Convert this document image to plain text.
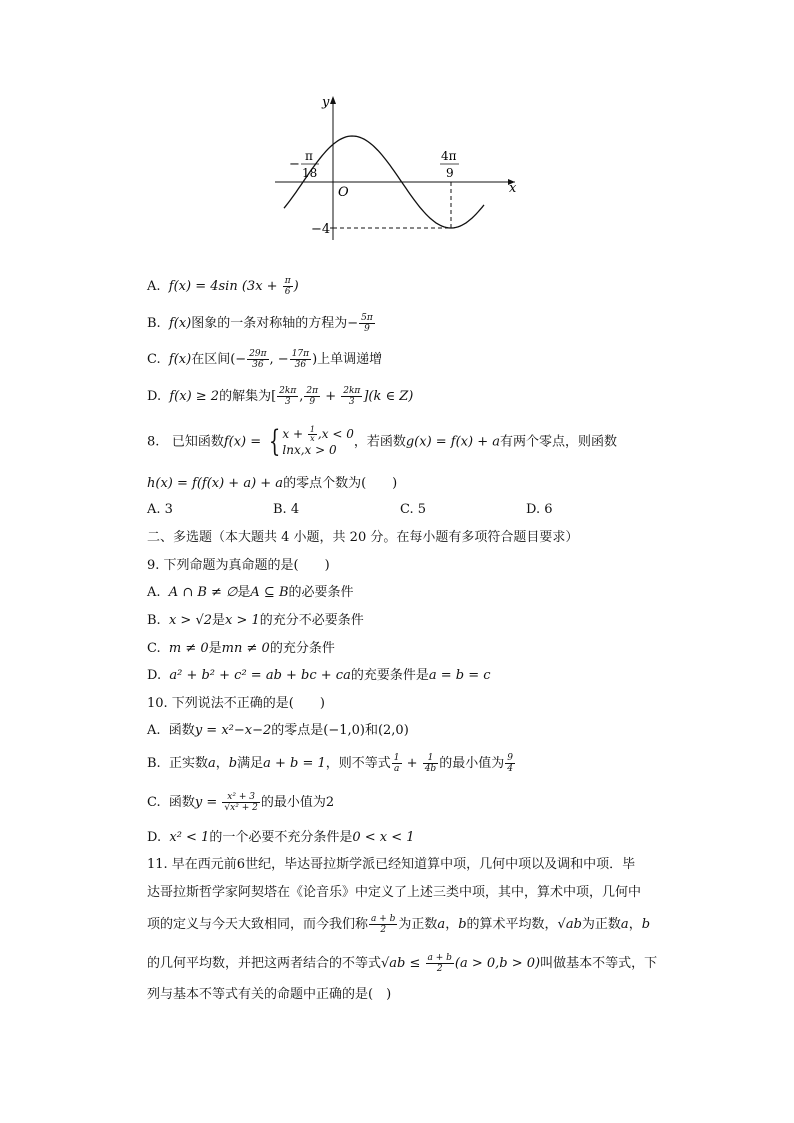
y
x
O
−
π
18
4π
9
−4
A. f(x) = 4sin ($3x + \frac{\pi}{6}$ )
B. f(x)图象的一条对称轴的方程为− $\frac{5\pi}{9}$
C. f(x)在区间(− $\frac{29\pi}{36}$ , − $\frac{17\pi}{36}$ )上单调递增
D. f(x) ≥ 2的解集为[ $\frac{2k\pi}{3}$ , $\frac{2\pi}{9} + \frac{2k\pi}{3} ](k$ ∈ Z)
8. 已知函数f(x) = { $x + \frac{1}{x} ,x < 0$
lnx,x > 0
，若函数g(x) = f(x) + a有两个零点，则函数
h(x) = f(f(x) + a) + a的零点个数为(　　)
A. 3	B. 4	C. 5	D. 6
二、多选题（本大题共 4 小题，共 20 分。在每小题有多项符合题目要求）
9. 下列命题为真命题的是(　　)
A. A ∩ B ≠ ∅是A ⊆ B的必要条件
B. x > √2是x > 1的充分不必要条件
C. m ≠ 0是mn ≠ 0的充分条件
D. a² + b² + c² = ab + bc + ca的充要条件是a = b = c
10. 下列说法不正确的是(　　)
A. 函数y = x²−x−2的零点是(−1,0)和(2,0)
B. 正实数a，b满足a + b = 1，则不等式 $\frac{1}{a} + \frac{1}{4b}$ 的最小值为 $\frac{9}{4}$
C. 函数$y = \frac{\text{x² + 3}}{\text{√x² + 2}}$ 的最小值为2
D. x² < 1的一个必要不充分条件是0 < x < 1
11. 早在西元前6世纪，毕达哥拉斯学派已经知道算中项，几何中项以及调和中项．毕
达哥拉斯哲学家阿契塔在《论音乐》中定义了上述三类中项，其中，算术中项，几何中
项的定义与今天大致相同，而今我们称 $\frac{a + b}{2}$ 为正数a，b的算术平均数，√ab为正数a，b
的几何平均数，并把这两者结合的不等式$√ab \le \frac{a + b}{2} (a > 0,b > 0)$叫做基本不等式，下
列与基本不等式有关的命题中正确的是(　)
